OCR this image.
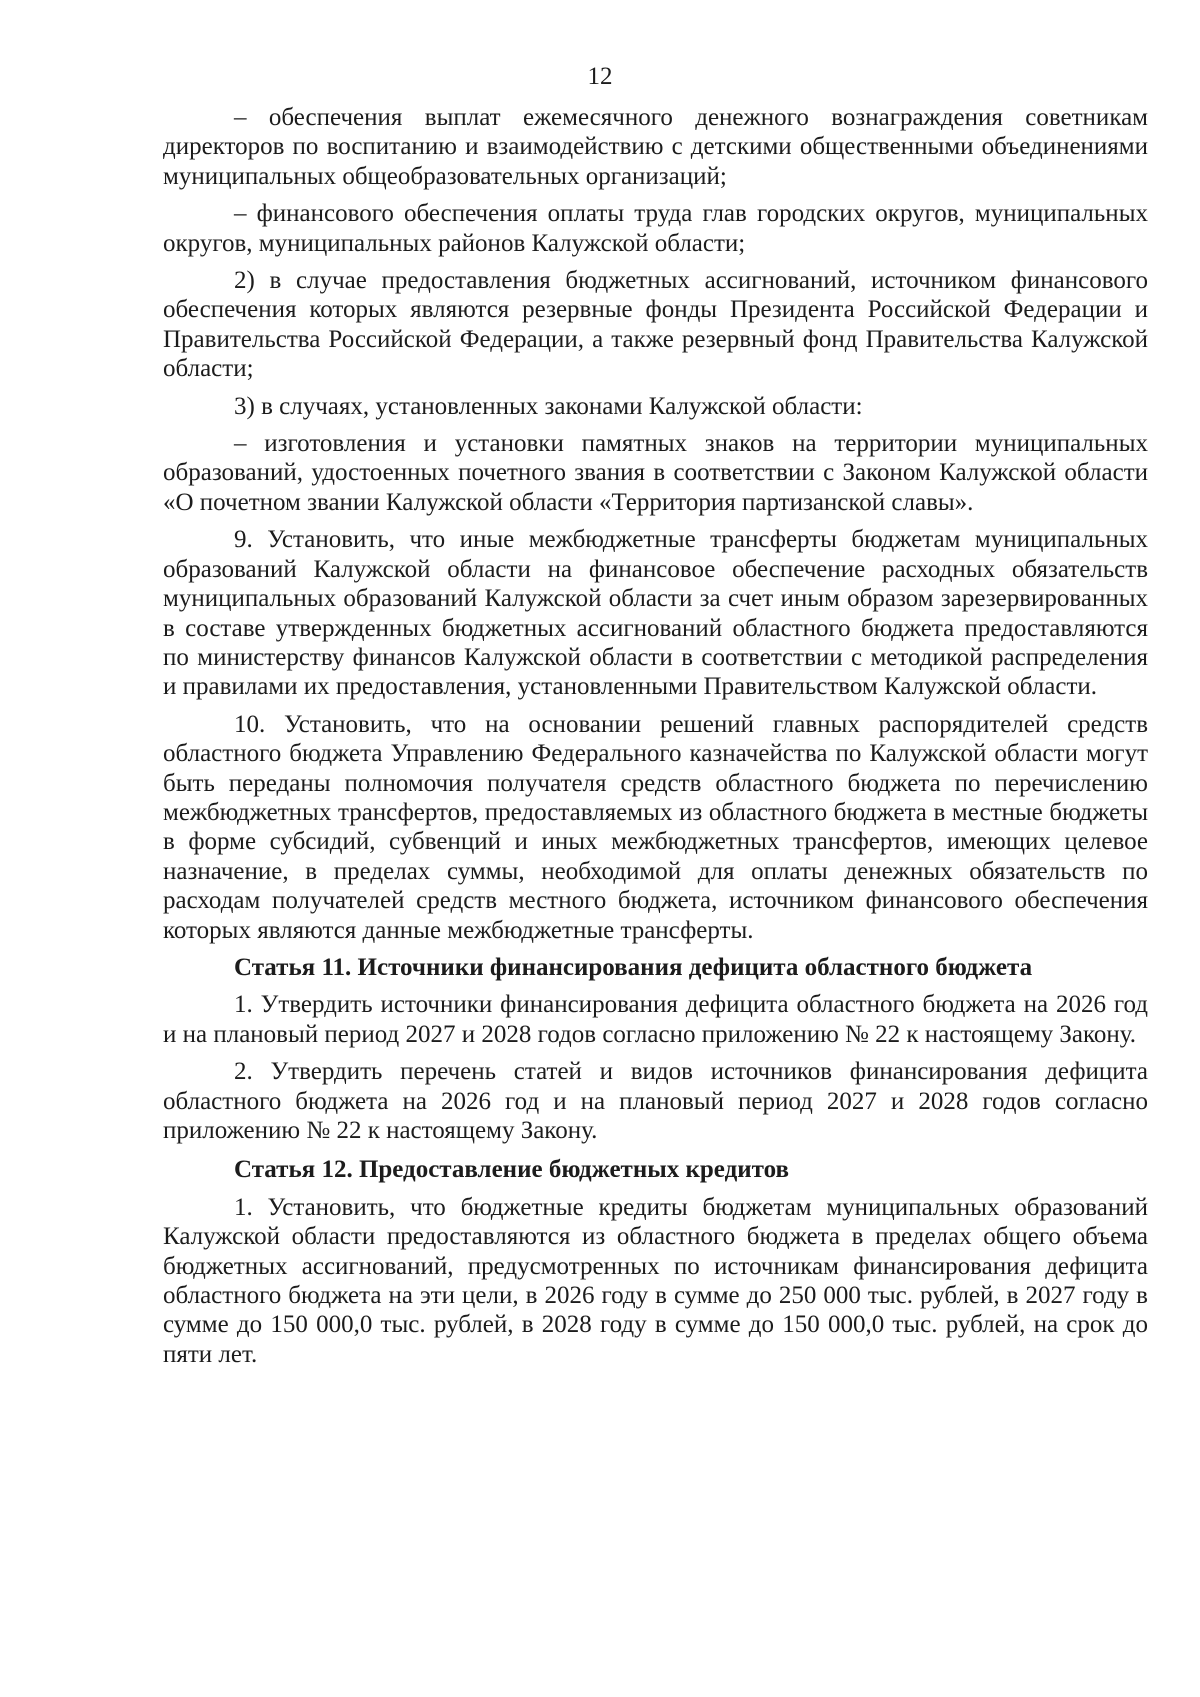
12

– обеспечения выплат ежемесячного денежного вознаграждения советникам директоров по воспитанию и взаимодействию с детскими общественными объединениями муниципальных общеобразовательных организаций;

– финансового обеспечения оплаты труда глав городских округов, муниципальных округов, муниципальных районов Калужской области;

2) в случае предоставления бюджетных ассигнований, источником финансового обеспечения которых являются резервные фонды Президента Российской Федерации и Правительства Российской Федерации, а также резервный фонд Правительства Калужской области;

3) в случаях, установленных законами Калужской области:

– изготовления и установки памятных знаков на территории муниципальных образований, удостоенных почетного звания в соответствии с Законом Калужской области «О почетном звании Калужской области «Территория партизанской славы».

9. Установить, что иные межбюджетные трансферты бюджетам муниципальных образований Калужской области на финансовое обеспечение расходных обязательств муниципальных образований Калужской области за счет иным образом зарезервированных в составе утвержденных бюджетных ассигнований областного бюджета предоставляются по министерству финансов Калужской области в соответствии с методикой распределения и правилами их предоставления, установленными Правительством Калужской области.

10. Установить, что на основании решений главных распорядителей средств областного бюджета Управлению Федерального казначейства по Калужской области могут быть переданы полномочия получателя средств областного бюджета по перечислению межбюджетных трансфертов, предоставляемых из областного бюджета в местные бюджеты в форме субсидий, субвенций и иных межбюджетных трансфертов, имеющих целевое назначение, в пределах суммы, необходимой для оплаты денежных обязательств по расходам получателей средств местного бюджета, источником финансового обеспечения которых являются данные межбюджетные трансферты.

Статья 11. Источники финансирования дефицита областного бюджета

1. Утвердить источники финансирования дефицита областного бюджета на 2026 год и на плановый период 2027 и 2028 годов согласно приложению № 22 к настоящему Закону.

2. Утвердить перечень статей и видов источников финансирования дефицита областного бюджета на 2026 год и на плановый период 2027 и 2028 годов согласно приложению № 22 к настоящему Закону.

Статья 12. Предоставление бюджетных кредитов

1. Установить, что бюджетные кредиты бюджетам муниципальных образований Калужской области предоставляются из областного бюджета в пределах общего объема бюджетных ассигнований, предусмотренных по источникам финансирования дефицита областного бюджета на эти цели, в 2026 году в сумме до 250 000 тыс. рублей, в 2027 году в сумме до 150 000,0 тыс. рублей, в 2028 году в сумме до 150 000,0 тыс. рублей, на срок до пяти лет.
